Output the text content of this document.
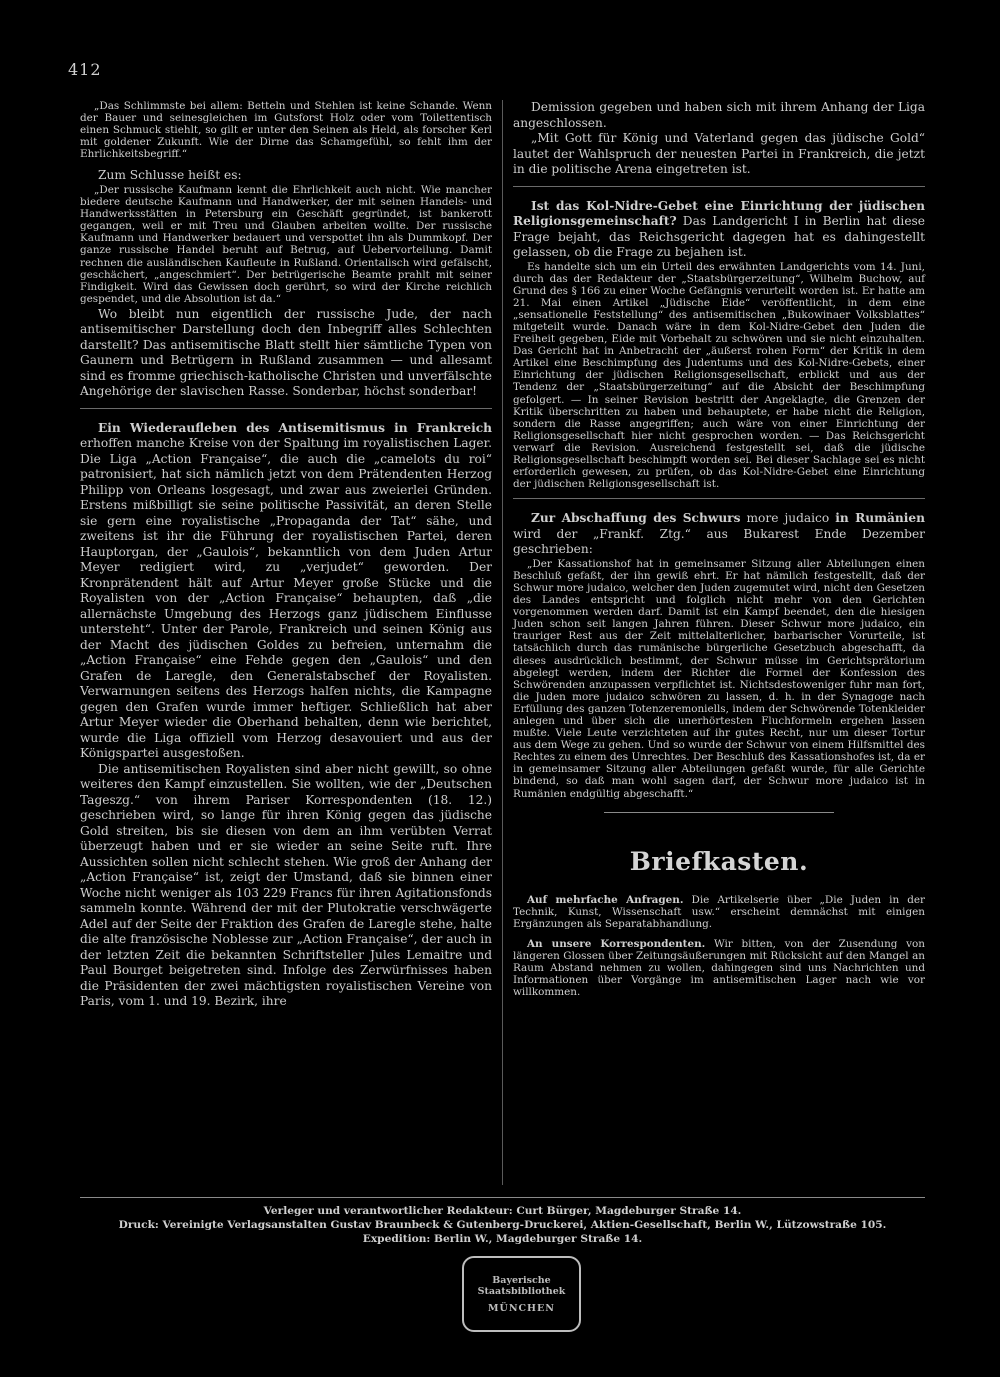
412

„Das Schlimmste bei allem: Betteln und Stehlen ist keine Schande. Wenn der Bauer und seinesgleichen im Gutsforst Holz oder vom Toilettentisch einen Schmuck stiehlt, so gilt er unter den Seinen als Held, als forscher Kerl mit goldener Zukunft. Wie der Dirne das Schamgefühl, so fehlt ihm der Ehrlichkeitsbegriff.“

Zum Schlusse heißt es:

„Der russische Kaufmann kennt die Ehrlichkeit auch nicht. Wie mancher biedere deutsche Kaufmann und Handwerker, der mit seinen Handels- und Handwerksstätten in Petersburg ein Geschäft gegründet, ist bankerott gegangen, weil er mit Treu und Glauben arbeiten wollte. Der russische Kaufmann und Handwerker bedauert und verspottet ihn als Dummkopf. Der ganze russische Handel beruht auf Betrug, auf Uebervorteilung. Damit rechnen die ausländischen Kaufleute in Rußland. Orientalisch wird gefälscht, geschächert, „angeschmiert“. Der betrügerische Beamte prahlt mit seiner Findigkeit. Wird das Gewissen doch gerührt, so wird der Kirche reichlich gespendet, und die Absolution ist da.“

Wo bleibt nun eigentlich der russische Jude, der nach antisemitischer Darstellung doch den Inbegriff alles Schlechten darstellt? Das antisemitische Blatt stellt hier sämtliche Typen von Gaunern und Betrügern in Rußland zusammen — und allesamt sind es fromme griechisch-katholische Christen und unverfälschte Angehörige der slavischen Rasse. Sonderbar, höchst sonderbar!

Ein Wiederaufleben des Antisemitismus in Frankreich erhoffen manche Kreise von der Spaltung im royalistischen Lager. Die Liga „Action Française“, die auch die „camelots du roi“ patronisiert, hat sich nämlich jetzt von dem Prätendenten Herzog Philipp von Orleans losgesagt, und zwar aus zweierlei Gründen. Erstens mißbilligt sie seine politische Passivität, an deren Stelle sie gern eine royalistische „Propaganda der Tat“ sähe, und zweitens ist ihr die Führung der royalistischen Partei, deren Hauptorgan, der „Gaulois“, bekanntlich von dem Juden Artur Meyer redigiert wird, zu „verjudet“ geworden. Der Kronprätendent hält auf Artur Meyer große Stücke und die Royalisten von der „Action Française“ behaupten, daß „die allernächste Umgebung des Herzogs ganz jüdischem Einflusse untersteht“. Unter der Parole, Frankreich und seinen König aus der Macht des jüdischen Goldes zu befreien, unternahm die „Action Française“ eine Fehde gegen den „Gaulois“ und den Grafen de Laregle, den Generalstabschef der Royalisten. Verwarnungen seitens des Herzogs halfen nichts, die Kampagne gegen den Grafen wurde immer heftiger. Schließlich hat aber Artur Meyer wieder die Oberhand behalten, denn wie berichtet, wurde die Liga offiziell vom Herzog desavouiert und aus der Königspartei ausgestoßen.

Die antisemitischen Royalisten sind aber nicht gewillt, so ohne weiteres den Kampf einzustellen. Sie wollten, wie der „Deutschen Tageszg.“ von ihrem Pariser Korrespondenten (18. 12.) geschrieben wird, so lange für ihren König gegen das jüdische Gold streiten, bis sie diesen von dem an ihm verübten Verrat überzeugt haben und er sie wieder an seine Seite ruft. Ihre Aussichten sollen nicht schlecht stehen. Wie groß der Anhang der „Action Française“ ist, zeigt der Umstand, daß sie binnen einer Woche nicht weniger als 103 229 Francs für ihren Agitationsfonds sammeln konnte. Während der mit der Plutokratie verschwägerte Adel auf der Seite der Fraktion des Grafen de Laregle stehe, halte die alte französische Noblesse zur „Action Française“, der auch in der letzten Zeit die bekannten Schriftsteller Jules Lemaitre und Paul Bourget beigetreten sind. Infolge des Zerwürfnisses haben die Präsidenten der zwei mächtigsten royalistischen Vereine von Paris, vom 1. und 19. Bezirk, ihre

Demission gegeben und haben sich mit ihrem Anhang der Liga angeschlossen.

„Mit Gott für König und Vaterland gegen das jüdische Gold“ lautet der Wahlspruch der neuesten Partei in Frankreich, die jetzt in die politische Arena eingetreten ist.

Ist das Kol-Nidre-Gebet eine Einrichtung der jüdischen Religionsgemeinschaft? Das Landgericht I in Berlin hat diese Frage bejaht, das Reichsgericht dagegen hat es dahingestellt gelassen, ob die Frage zu bejahen ist.

Es handelte sich um ein Urteil des erwähnten Landgerichts vom 14. Juni, durch das der Redakteur der „Staatsbürgerzeitung“, Wilhelm Buchow, auf Grund des § 166 zu einer Woche Gefängnis verurteilt worden ist. Er hatte am 21. Mai einen Artikel „Jüdische Eide“ veröffentlicht, in dem eine „sensationelle Feststellung“ des antisemitischen „Bukowinaer Volksblattes“ mitgeteilt wurde. Danach wäre in dem Kol-Nidre-Gebet den Juden die Freiheit gegeben, Eide mit Vorbehalt zu schwören und sie nicht einzuhalten. Das Gericht hat in Anbetracht der „äußerst rohen Form“ der Kritik in dem Artikel eine Beschimpfung des Judentums und des Kol-Nidre-Gebets, einer Einrichtung der jüdischen Religionsgesellschaft, erblickt und aus der Tendenz der „Staatsbürgerzeitung“ auf die Absicht der Beschimpfung gefolgert. — In seiner Revision bestritt der Angeklagte, die Grenzen der Kritik überschritten zu haben und behauptete, er habe nicht die Religion, sondern die Rasse angegriffen; auch wäre von einer Einrichtung der Religionsgesellschaft hier nicht gesprochen worden. — Das Reichsgericht verwarf die Revision. Ausreichend festgestellt sei, daß die jüdische Religionsgesellschaft beschimpft worden sei. Bei dieser Sachlage sei es nicht erforderlich gewesen, zu prüfen, ob das Kol-Nidre-Gebet eine Einrichtung der jüdischen Religionsgesellschaft ist.

Zur Abschaffung des Schwurs more judaico in Rumänien wird der „Frankf. Ztg.“ aus Bukarest Ende Dezember geschrieben:

„Der Kassationshof hat in gemeinsamer Sitzung aller Abteilungen einen Beschluß gefaßt, der ihn gewiß ehrt. Er hat nämlich festgestellt, daß der Schwur more judaico, welcher den Juden zugemutet wird, nicht den Gesetzen des Landes entspricht und folglich nicht mehr von den Gerichten vorgenommen werden darf. Damit ist ein Kampf beendet, den die hiesigen Juden schon seit langen Jahren führen. Dieser Schwur more judaico, ein trauriger Rest aus der Zeit mittelalterlicher, barbarischer Vorurteile, ist tatsächlich durch das rumänische bürgerliche Gesetzbuch abgeschafft, da dieses ausdrücklich bestimmt, der Schwur müsse im Gerichtsprätorium abgelegt werden, indem der Richter die Formel der Konfession des Schwörenden anzupassen verpflichtet ist. Nichtsdestoweniger fuhr man fort, die Juden more judaico schwören zu lassen, d. h. in der Synagoge nach Erfüllung des ganzen Totenzeremoniells, indem der Schwörende Totenkleider anlegen und über sich die unerhörtesten Fluchformeln ergehen lassen mußte. Viele Leute verzichteten auf ihr gutes Recht, nur um dieser Tortur aus dem Wege zu gehen. Und so wurde der Schwur von einem Hilfsmittel des Rechtes zu einem des Unrechtes. Der Beschluß des Kassationshofes ist, da er in gemeinsamer Sitzung aller Abteilungen gefaßt wurde, für alle Gerichte bindend, so daß man wohl sagen darf, der Schwur more judaico ist in Rumänien endgültig abgeschafft.“

Briefkasten.

Auf mehrfache Anfragen. Die Artikelserie über „Die Juden in der Technik, Kunst, Wissenschaft usw.“ erscheint demnächst mit einigen Ergänzungen als Separatabhandlung.

An unsere Korrespondenten. Wir bitten, von der Zusendung von längeren Glossen über Zeitungsäußerungen mit Rücksicht auf den Mangel an Raum Abstand nehmen zu wollen, dahingegen sind uns Nachrichten und Informationen über Vorgänge im antisemitischen Lager nach wie vor willkommen.

Verleger und verantwortlicher Redakteur: Curt Bürger, Magdeburger Straße 14.
Druck: Vereinigte Verlagsanstalten Gustav Braunbeck & Gutenberg-Druckerei, Aktien-Gesellschaft, Berlin W., Lützowstraße 105.
Expedition: Berlin W., Magdeburger Straße 14.
Bayerische
Staatsbibliothek
MÜNCHEN
